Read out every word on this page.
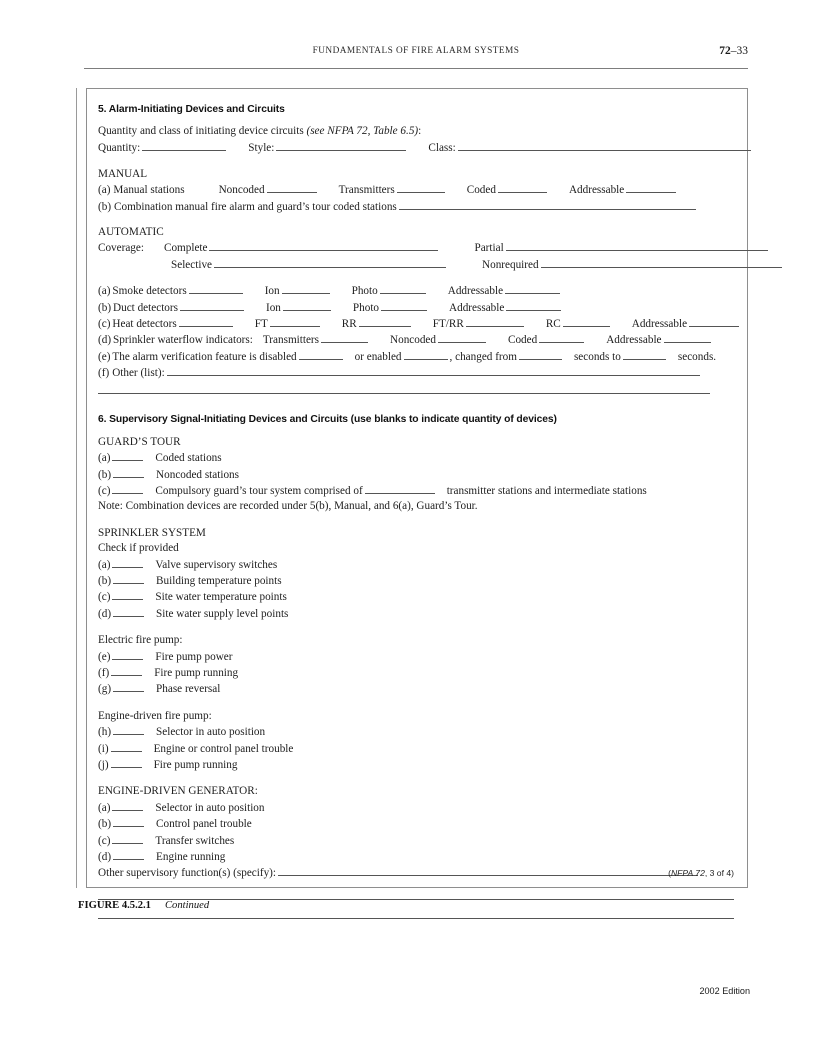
FUNDAMENTALS OF FIRE ALARM SYSTEMS	72–33
5. Alarm-Initiating Devices and Circuits
Quantity and class of initiating device circuits (see NFPA 72, Table 6.5):
Quantity:	Style:	Class:
MANUAL
(a) Manual stations	Noncoded	Transmitters	Coded	Addressable
(b) Combination manual fire alarm and guard’s tour coded stations
AUTOMATIC
Coverage: Complete	Partial
Selective	Nonrequired
(a) Smoke detectors	Ion	Photo	Addressable
(b) Duct detectors	Ion	Photo	Addressable
(c) Heat detectors	FT	RR	FT/RR	RC	Addressable
(d) Sprinkler waterflow indicators: Transmitters	Noncoded	Coded	Addressable
(e) The alarm verification feature is disabled	or enabled	, changed from	seconds to	seconds.
(f) Other (list):
6. Supervisory Signal-Initiating Devices and Circuits (use blanks to indicate quantity of devices)
GUARD’S TOUR
(a)	Coded stations
(b)	Noncoded stations
(c)	Compulsory guard’s tour system comprised of	transmitter stations and intermediate stations
Note: Combination devices are recorded under 5(b), Manual, and 6(a), Guard’s Tour.
SPRINKLER SYSTEM
Check if provided
(a)	Valve supervisory switches
(b)	Building temperature points
(c)	Site water temperature points
(d)	Site water supply level points
Electric fire pump:
(e)	Fire pump power
(f)	Fire pump running
(g)	Phase reversal
Engine-driven fire pump:
(h)	Selector in auto position
(i)	Engine or control panel trouble
(j)	Fire pump running
ENGINE-DRIVEN GENERATOR:
(a)	Selector in auto position
(b)	Control panel trouble
(c)	Transfer switches
(d)	Engine running
Other supervisory function(s) (specify):	(NFPA 72, 3 of 4)
FIGURE 4.5.2.1 Continued
2002 Edition
